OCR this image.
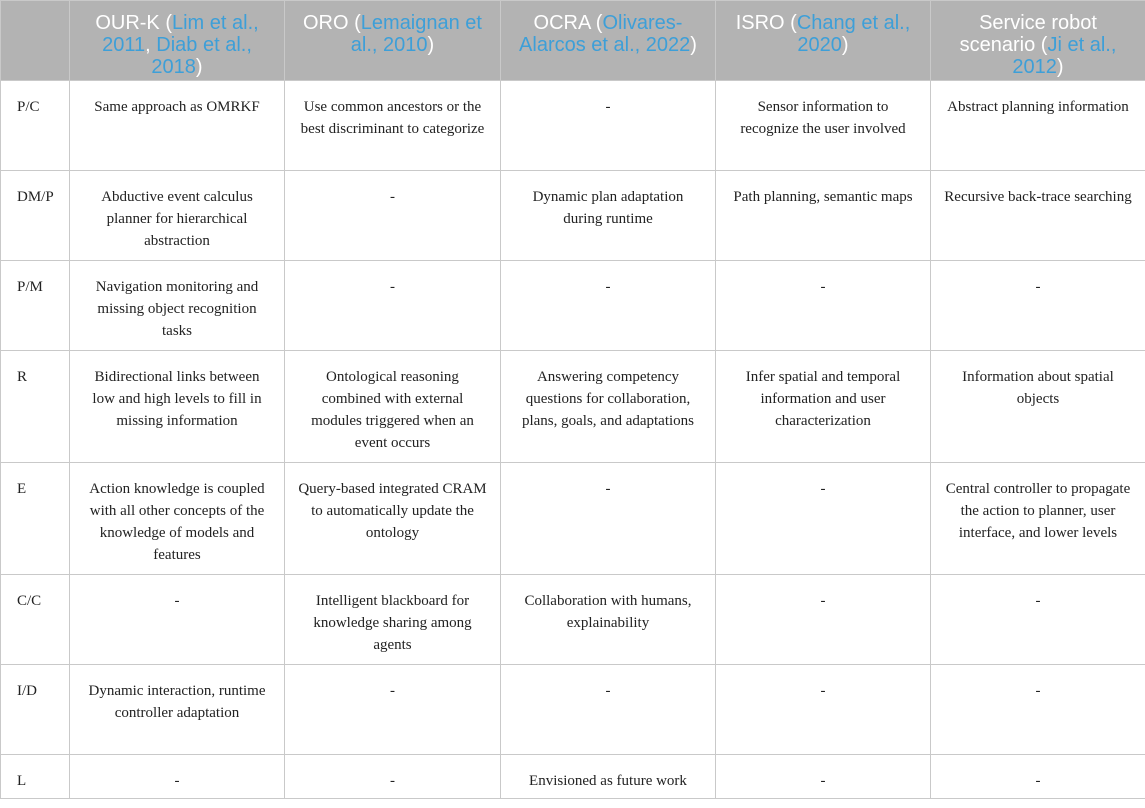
	OUR-K (Lim et al., 2011, Diab et al., 2018)	ORO (Lemaignan et al., 2010)	OCRA (Olivares-Alarcos et al., 2022)	ISRO (Chang et al., 2020)	Service robot scenario (Ji et al., 2012)
P/C	Same approach as OMRKF	Use common ancestors or the best discriminant to categorize	-	Sensor information to recognize the user involved	Abstract planning information
DM/P	Abductive event calculus planner for hierarchical abstraction	-	Dynamic plan adaptation during runtime	Path planning, semantic maps	Recursive back-trace searching
P/M	Navigation monitoring and missing object recognition tasks	-	-	-	-
R	Bidirectional links between low and high levels to fill in missing information	Ontological reasoning combined with external modules triggered when an event occurs	Answering competency questions for collaboration, plans, goals, and adaptations	Infer spatial and temporal information and user characterization	Information about spatial objects
E	Action knowledge is coupled with all other concepts of the knowledge of models and features	Query-based integrated CRAM to automatically update the ontology	-	-	Central controller to propagate the action to planner, user interface, and lower levels
C/C	-	Intelligent blackboard for knowledge sharing among agents	Collaboration with humans, explainability	-	-
I/D	Dynamic interaction, runtime controller adaptation	-	-	-	-
L	-	-	Envisioned as future work	-	-
